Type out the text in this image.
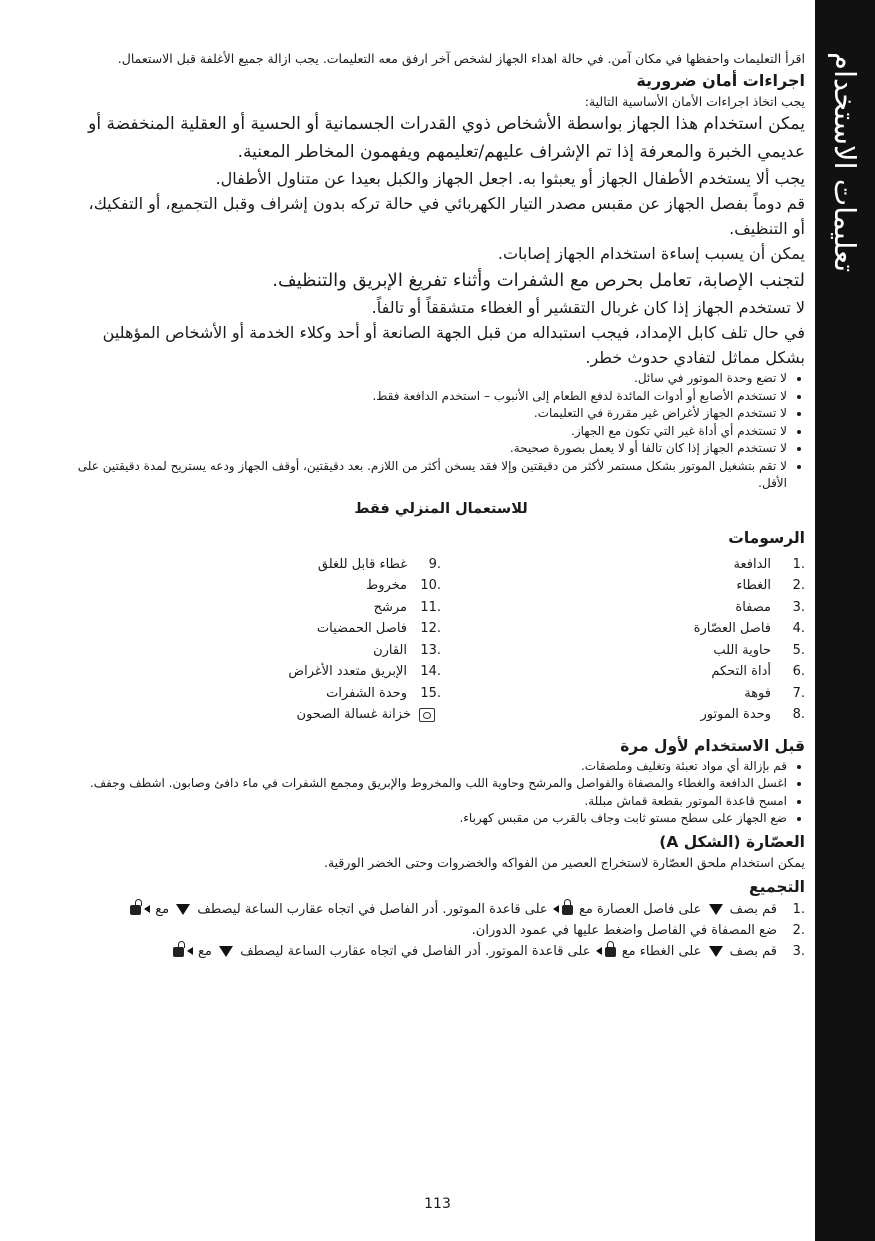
تعليمات الاستخدام

اقرأ التعليمات واحفظها في مكان آمن. في حالة اهداء الجهاز لشخص آخر ارفق معه التعليمات. يجب ازالة جميع الأغلفة قبل الاستعمال.

اجراءات أمان ضرورية

يجب اتخاذ اجراءات الأمان الأساسية التالية:

يمكن استخدام هذا الجهاز بواسطة الأشخاص ذوي القدرات الجسمانية أو الحسية أو العقلية المنخفضة أو عديمي الخبرة والمعرفة إذا تم الإشراف عليهم/تعليمهم ويفهمون المخاطر المعنية.

يجب ألا يستخدم الأطفال الجهاز أو يعبثوا به. اجعل الجهاز والكبل بعيدا عن متناول الأطفال.

قم دوماً بفصل الجهاز عن مقبس مصدر التيار الكهربائي في حالة تركه بدون إشراف وقبل التجميع، أو التفكيك، أو التنظيف.

يمكن أن يسبب إساءة استخدام الجهاز إصابات.

لتجنب الإصابة، تعامل بحرص مع الشفرات وأثناء تفريغ الإبريق والتنظيف.

لا تستخدم الجهاز إذا كان غربال التقشير أو الغطاء متشققاً أو تالفاً.

في حال تلف كابل الإمداد، فيجب استبداله من قبل الجهة الصانعة أو أحد وكلاء الخدمة أو الأشخاص المؤهلين بشكل مماثل لتفادي حدوث خطر.

• لا تضع وحدة الموتور في سائل.
• لا تستخدم الأصابع أو أدوات المائدة لدفع الطعام إلى الأنبوب – استخدم الدافعة فقط.
• لا تستخدم الجهاز لأغراض غير مقررة في التعليمات.
• لا تستخدم أي أداة غير التي تكون مع الجهاز.
• لا تستخدم الجهاز إذا كان تالفا أو لا يعمل بصورة صحيحة.
• لا تقم بتشغيل الموتور بشكل مستمر لأكثر من دقيقتين وإلا فقد يسخن أكثر من اللازم. بعد دقيقتين، أوقف الجهاز ودعه يستريح لمدة دقيقتين على الأقل.

للاستعمال المنزلي فقط

الرسومات

1.
الدافعة
2.
الغطاء
3.
مصفاة
4.
فاصل العصّارة
5.
حاوية اللب
6.
أداة التحكم
7.
فوهة
8.
وحدة الموتور
9.
غطاء قابل للغلق
10.
مخروط
11.
مرشح
12.
فاصل الحمضيات
13.
القارن
14.
الإبريق متعدد الأغراض
15.
وحدة الشفرات
خزانة غسالة الصحون

قبل الاستخدام لأول مرة

• قم بإزالة أي مواد تعبئة وتغليف وملصقات.
• اغسل الدافعة والغطاء والمصفاة والفواصل والمرشح وحاوية اللب والمخروط والإبريق ومجمع الشفرات في ماء دافئ وصابون. اشطف وجفف.
• امسح قاعدة الموتور بقطعة قماش مبللة.
• ضع الجهاز على سطح مستو ثابت وجاف بالقرب من مقبس كهرباء.

العصّارة (الشكل A)

يمكن استخدام ملحق العصّارة لاستخراج العصير من الفواكه والخضروات وحتى الخضر الورقية.

التجميع

1.
قم بصف  على فاصل العصارة مع  على قاعدة الموتور. أدر الفاصل في اتجاه عقارب الساعة ليصطف  مع
2.
ضع المصفاة في الفاصل واضغط عليها في عمود الدوران.
3.
قم بصف  على الغطاء مع  على قاعدة الموتور. أدر الفاصل في اتجاه عقارب الساعة ليصطف  مع
113
